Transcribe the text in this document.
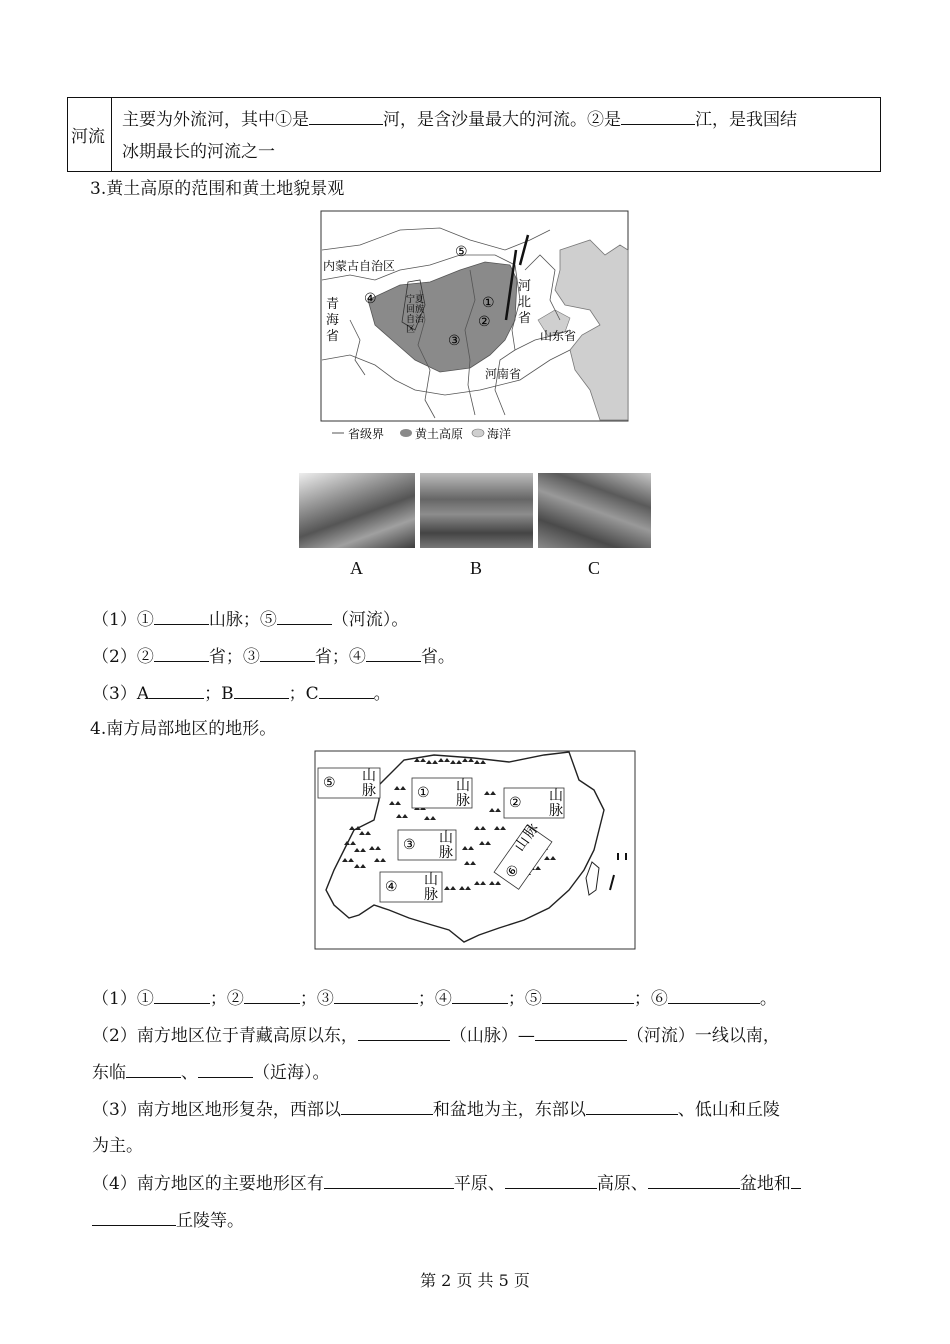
河流
主要为外流河，其中①是	河，是含沙量最大的河流。②是	江，是我国结
冰期最长的河流之一
3.黄土高原的范围和黄土地貌景观
内蒙古自治区
⑤
①
②
③
④
山东省
河南省
青
海
省
河
北
省
宁夏
回族
自治
区
省级界	黄土高原 海洋
A	B	C
（1）①	山脉；⑤	（河流）。
（2）②	省；③	省；④	省。
（3）A	；B	；C	。
4.南方局部地区的地形。
⑤ 山
脉	① 山
脉	② 山
脉
③ 山
脉
④ 山
脉
⑥
山
脉
（1）①	；②	；③	；④	；⑤	；⑥	。
（2）南方地区位于青藏高原以东，	（山脉）—	（河流）一线以南，
东临	、	（近海）。
（3）南方地区地形复杂，西部以	和盆地为主，东部以	、低山和丘陵
为主。
（4）南方地区的主要地形区有	平原、	高原、	盆地和
丘陵等。
第 2 页 共 5 页
